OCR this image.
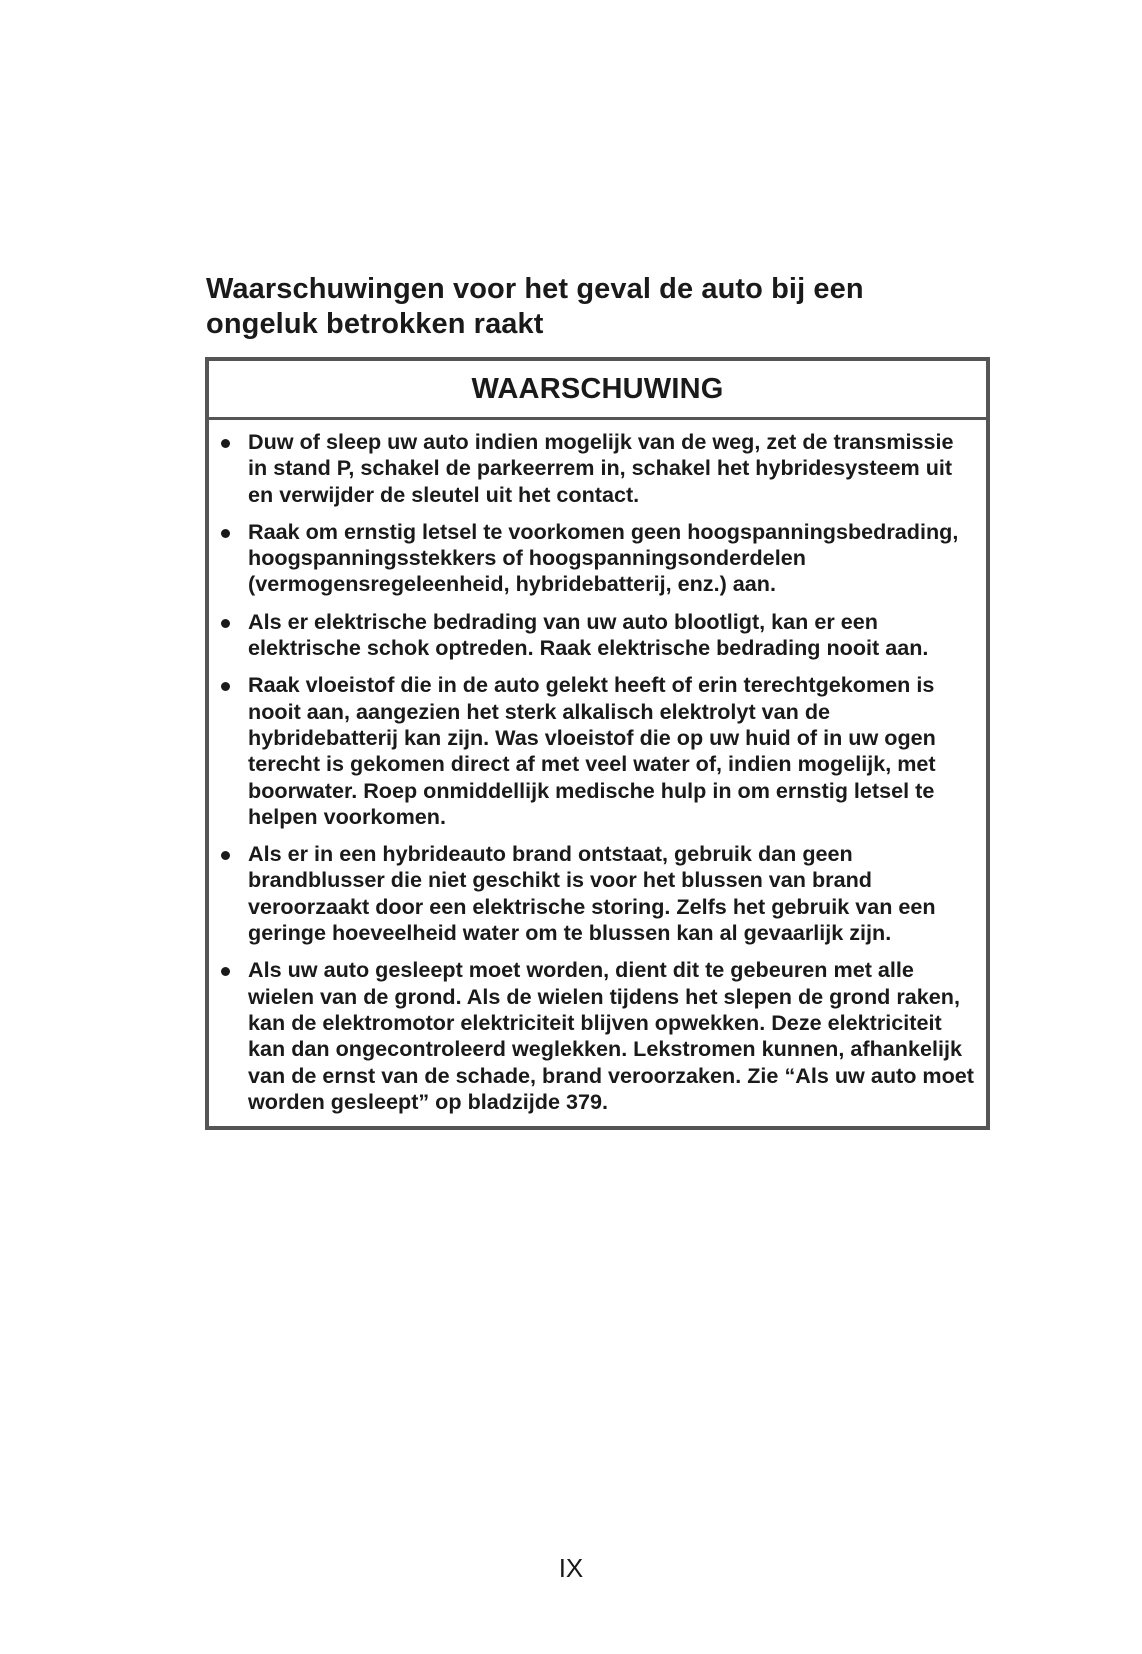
Waarschuwingen voor het geval de auto bij een ongeluk betrokken raakt
WAARSCHUWING
Duw of sleep uw auto indien mogelijk van de weg, zet de transmissie in stand P, schakel de parkeerrem in, schakel het hybridesysteem uit en verwijder de sleutel uit het contact.
Raak om ernstig letsel te voorkomen geen hoogspanningsbedrading, hoogspanningsstekkers of hoogspanningsonderdelen (vermogensregeleenheid, hybridebatterij, enz.) aan.
Als er elektrische bedrading van uw auto blootligt, kan er een elektrische schok optreden. Raak elektrische bedrading nooit aan.
Raak vloeistof die in de auto gelekt heeft of erin terechtgekomen is nooit aan, aangezien het sterk alkalisch elektrolyt van de hybridebatterij kan zijn. Was vloeistof die op uw huid of in uw ogen terecht is gekomen direct af met veel water of, indien mogelijk, met boorwater. Roep onmiddellijk medische hulp in om ernstig letsel te helpen voorkomen.
Als er in een hybrideauto brand ontstaat, gebruik dan geen brandblusser die niet geschikt is voor het blussen van brand veroorzaakt door een elektrische storing. Zelfs het gebruik van een geringe hoeveelheid water om te blussen kan al gevaarlijk zijn.
Als uw auto gesleept moet worden, dient dit te gebeuren met alle wielen van de grond. Als de wielen tijdens het slepen de grond raken, kan de elektromotor elektriciteit blijven opwekken. Deze elektriciteit kan dan ongecontroleerd weglekken. Lekstromen kunnen, afhankelijk van de ernst van de schade, brand veroorzaken. Zie “Als uw auto moet worden gesleept” op bladzijde 379.

IX
